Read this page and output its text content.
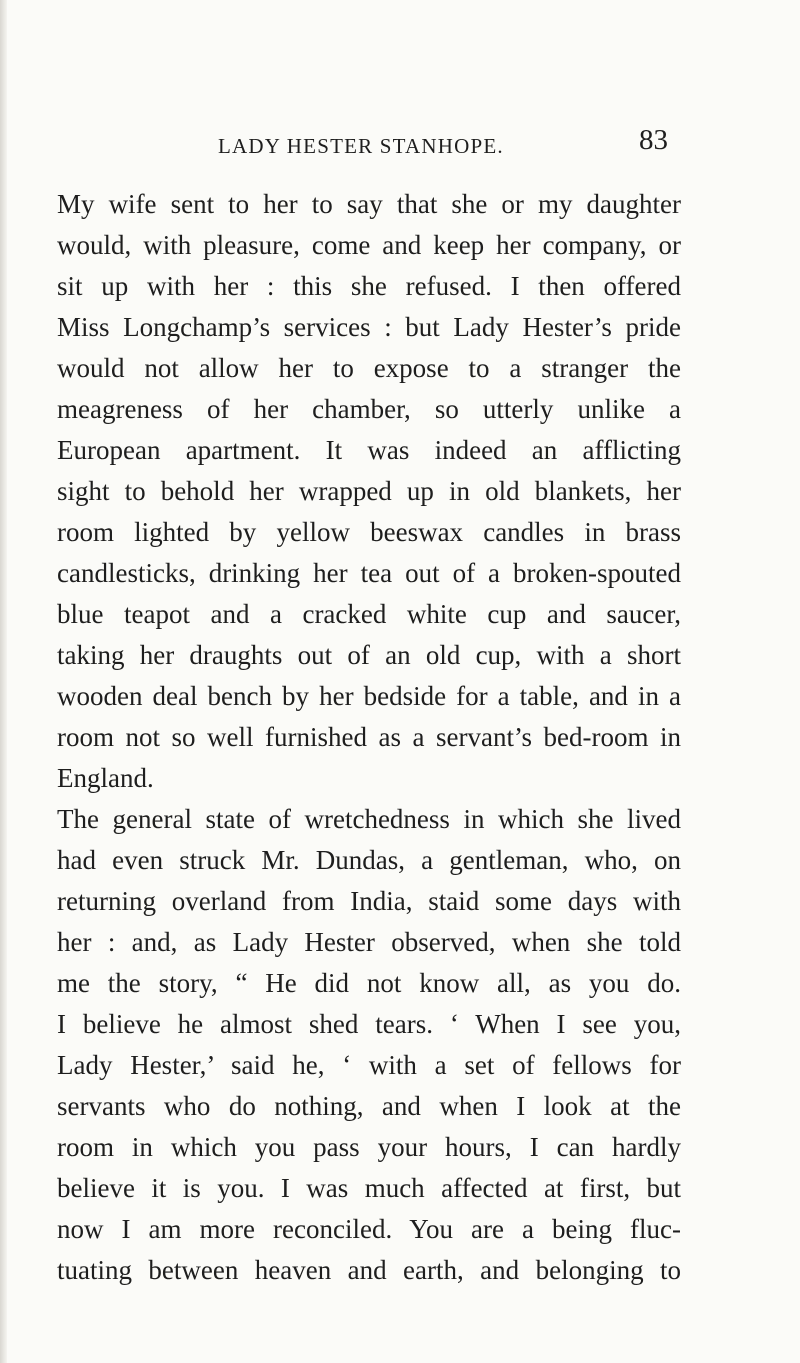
LADY HESTER STANHOPE.	83
My wife sent to her to say that she or my daughter
would, with pleasure, come and keep her company, or
sit up with her : this she refused. I then offered
Miss Longchamp’s services : but Lady Hester’s pride
would not allow her to expose to a stranger the
meagreness of her chamber, so utterly unlike a
European apartment. It was indeed an afflicting
sight to behold her wrapped up in old blankets, her
room lighted by yellow beeswax candles in brass
candlesticks, drinking her tea out of a broken-spouted
blue teapot and a cracked white cup and saucer,
taking her draughts out of an old cup, with a short
wooden deal bench by her bedside for a table, and in a
room not so well furnished as a servant’s bed-room in
England.
The general state of wretchedness in which she lived
had even struck Mr. Dundas, a gentleman, who, on
returning overland from India, staid some days with
her : and, as Lady Hester observed, when she told
me the story, “ He did not know all, as you do.
I believe he almost shed tears. ‘ When I see you,
Lady Hester,’ said he, ‘ with a set of fellows for
servants who do nothing, and when I look at the
room in which you pass your hours, I can hardly
believe it is you. I was much affected at first, but
now I am more reconciled. You are a being fluc-
tuating between heaven and earth, and belonging to
